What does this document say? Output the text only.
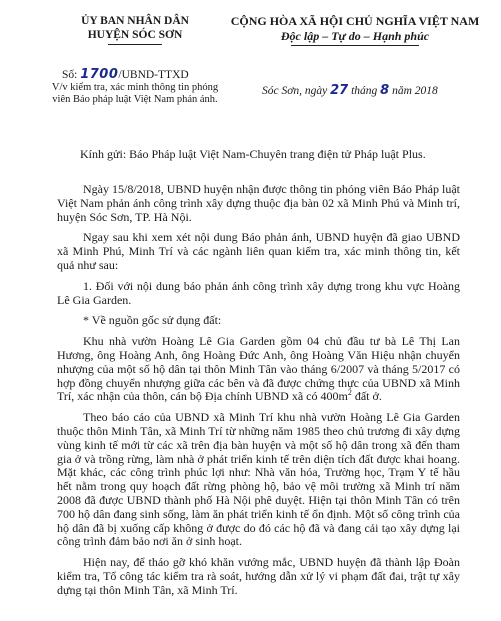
ỦY BAN NHÂN DÂN
HUYỆN SÓC SƠN
CỘNG HÒA XÃ HỘI CHỦ NGHĨA VIỆT NAM
Độc lập – Tự do – Hạnh phúc
Số: 1700/UBND-TTXD
V/v kiểm tra, xác minh thông tin phóng viên Báo pháp luật Việt Nam phản ánh.
Sóc Sơn, ngày 27 tháng 8 năm 2018
Kính gửi: Báo Pháp luật Việt Nam-Chuyên trang điện tử Pháp luật Plus.

Ngày 15/8/2018, UBND huyện nhận được thông tin phóng viên Báo Pháp luật Việt Nam phản ánh công trình xây dựng thuộc địa bàn 02 xã Minh Phú và Minh trí, huyện Sóc Sơn, TP. Hà Nội.

Ngay sau khi xem xét nội dung Báo phản ánh, UBND huyện đã giao UBND xã Minh Phú, Minh Trí và các ngành liên quan kiểm tra, xác minh thông tin, kết quả như sau:

1. Đối với nội dung báo phản ánh công trình xây dựng trong khu vực Hoàng Lê Gia Garden.

* Về nguồn gốc sử dụng đất:

Khu nhà vườn Hoàng Lê Gia Garden gồm 04 chủ đầu tư bà Lê Thị Lan Hương, ông Hoàng Anh, ông Hoàng Đức Anh, ông Hoàng Văn Hiệu nhận chuyển nhượng của một số hộ dân tại thôn Minh Tân vào tháng 6/2007 và tháng 5/2017 có hợp đồng chuyển nhượng giữa các bên và đã được chứng thực của UBND xã Minh Trí, xác nhận của thôn, cán bộ Địa chính UBND xã có $400m^2$ đất ở.

Theo báo cáo của UBND xã Minh Trí khu nhà vườn Hoàng Lê Gia Garden thuộc thôn Minh Tân, xã Minh Trí từ những năm 1985 theo chủ trương đi xây dựng vùng kinh tế mới từ các xã trên địa bàn huyện và một số hộ dân trong xã đến tham gia ở và trồng rừng, làm nhà ở phát triển kinh tế trên diện tích đất được khai hoang. Mặt khác, các công trình phúc lợi như: Nhà văn hóa, Trường học, Trạm Y tế hầu hết nằm trong quy hoạch đất rừng phòng hộ, bảo vệ môi trường xã Minh trí năm 2008 đã được UBND thành phố Hà Nội phê duyệt. Hiện tại thôn Minh Tân có trên 700 hộ dân đang sinh sống, làm ăn phát triển kinh tế ổn định. Một số công trình của hộ dân đã bị xuống cấp không ở được do đó các hộ đã và đang cải tạo xây dựng lại công trình đảm bảo nơi ăn ở sinh hoạt.

Hiện nay, để tháo gỡ khó khăn vướng mắc, UBND huyện đã thành lập Đoàn kiểm tra, Tổ công tác kiểm tra rà soát, hướng dẫn xử lý vi phạm đất đai, trật tự xây dựng tại thôn Minh Tân, xã Minh Trí.
